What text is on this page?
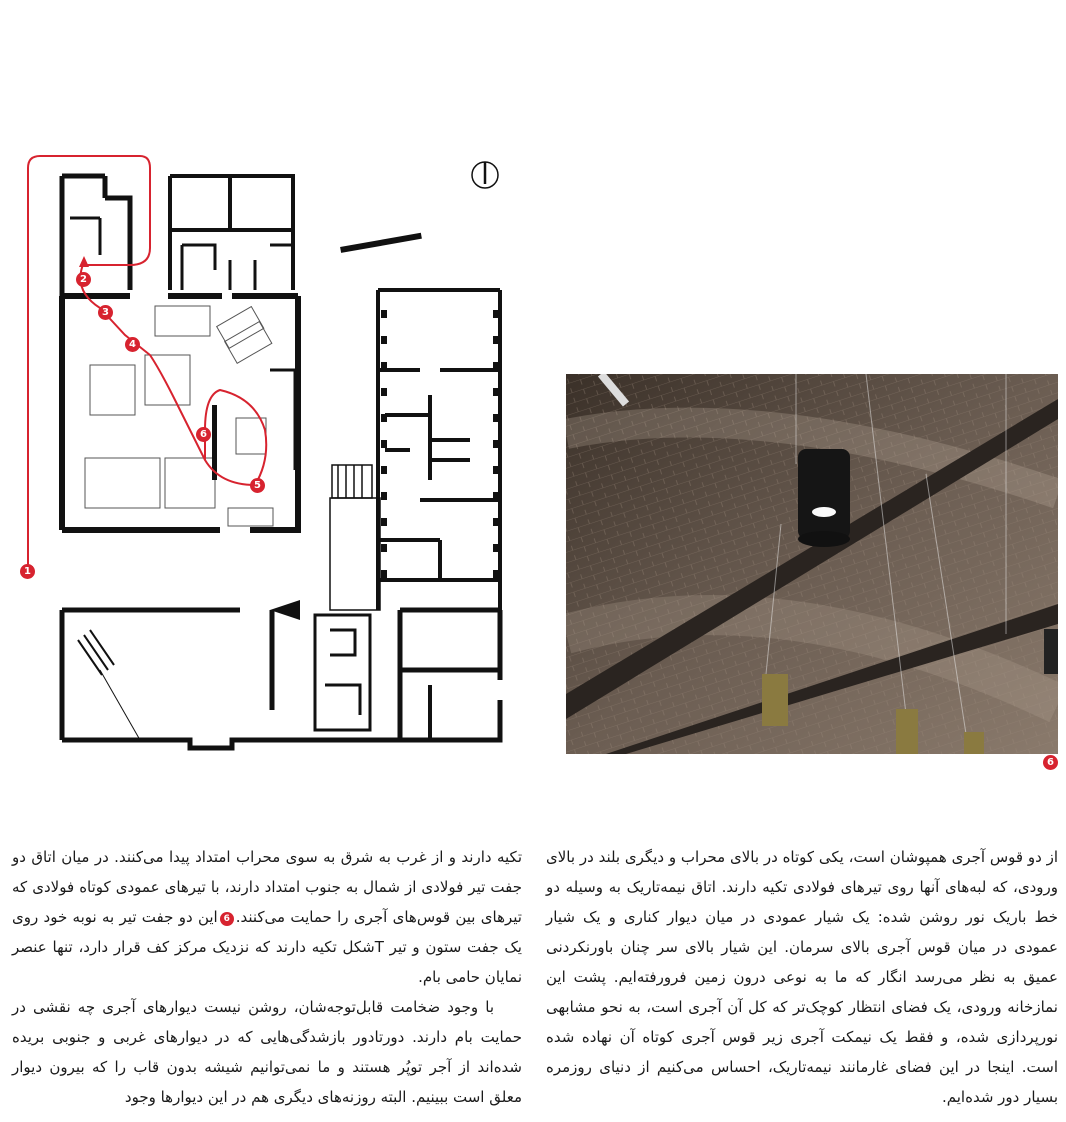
1
2
3
4
5
6
6

از دو قوس آجری همپوشان است، یکی کوتاه در بالای محراب و دیگری بلند در بالای ورودی، که لبه‌های آنها روی تیرهای فولادی تکیه دارند. اتاق نیمه‌تاریک به وسیله دو خط باریک نور روشن شده: یک شیار عمودی در میان دیوار کناری و یک شیار عمودی در میان قوس آجری بالای سرمان. این شیار بالای سر چنان باورنکردنی عمیق به نظر می‌رسد انگار که ما به نوعی درون زمین فرورفته‌ایم. پشت این نمازخانه ورودی، یک فضای انتظار کوچک‌تر که کل آن آجری است، به نحو مشابهی نورپردازی شده، و فقط یک نیمکت آجری زیر قوس آجری کوتاه آن نهاده شده است. اینجا در این فضای غارمانند نیمه‌تاریک، احساس می‌کنیم از دنیای روزمره بسیار دور شده‌ایم.

تکیه دارند و از غرب به شرق به سوی محراب امتداد پیدا می‌کنند. در میان اتاق دو جفت تیر فولادی از شمال به جنوب امتداد دارند، با تیرهای عمودی کوتاه فولادی که تیرهای بین قوس‌های آجری را حمایت می‌کنند.6این دو جفت تیر به نوبه خود روی یک جفت ستون و تیر Tشکل تکیه دارند که نزدیک مرکز کف قرار دارد، تنها عنصر نمایان حامی بام.

با وجود ضخامت قابل‌توجه‌شان، روشن نیست دیوارهای آجری چه نقشی در حمایت بام دارند. دورتادور بازشدگی‌هایی که در دیوارهای غربی و جنوبی بریده شده‌اند از آجر توپُر هستند و ما نمی‌توانیم شیشه بدون قاب را که بیرون دیوار معلق است ببینیم. البته روزنه‌های دیگری هم در این دیوارها وجود
